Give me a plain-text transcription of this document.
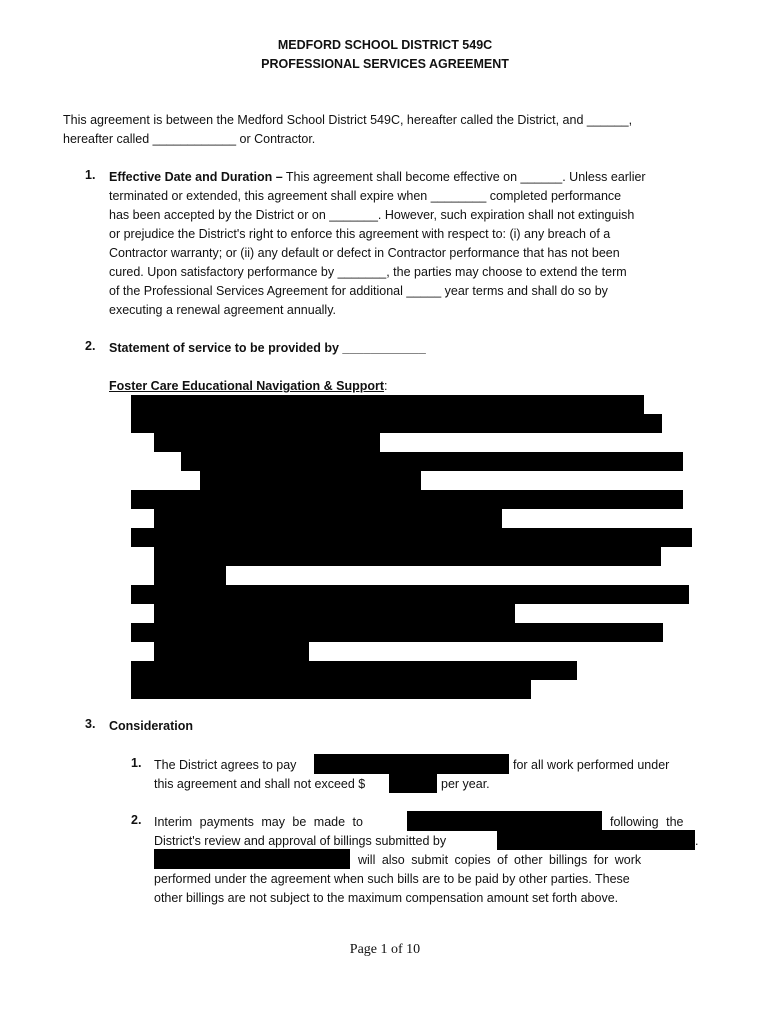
MEDFORD SCHOOL DISTRICT 549C
PROFESSIONAL SERVICES AGREEMENT
This agreement is between the Medford School District 549C, hereafter called the District, and ______,
hereafter called ____________ or Contractor.
1. Effective Date and Duration – This agreement shall become effective on ______. Unless earlier
terminated or extended, this agreement shall expire when ________ completed performance
has been accepted by the District or on _______. However, such expiration shall not extinguish
or prejudice the District's right to enforce this agreement with respect to: (i) any breach of a
Contractor warranty; or (ii) any default or defect in Contractor performance that has not been
cured. Upon satisfactory performance by _______, the parties may choose to extend the term
of the Professional Services Agreement for additional _____ year terms and shall do so by
executing a renewal agreement annually.
2. Statement of service to be provided by ____________
Foster Care Educational Navigation & Support:
3. Consideration
1. The District agrees to pay	for all work performed under
this agreement and shall not exceed $	per year.
2. Interim payments may be made to	following the
District's review and approval of billings submitted by	.
will also submit copies of other billings for work
performed under the agreement when such bills are to be paid by other parties. These
other billings are not subject to the maximum compensation amount set forth above.
Page 1 of 10
